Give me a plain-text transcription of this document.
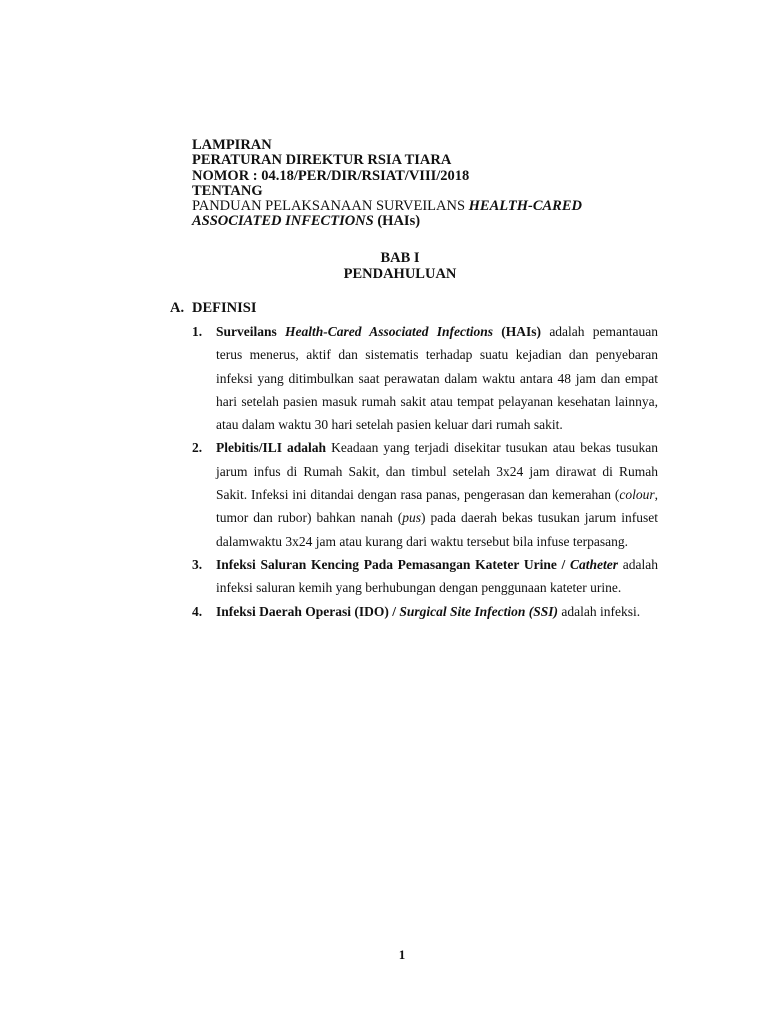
LAMPIRAN
PERATURAN DIREKTUR RSIA TIARA
NOMOR : 04.18/PER/DIR/RSIAT/VIII/2018
TENTANG
PANDUAN PELAKSANAAN SURVEILANS HEALTH-CARED
ASSOCIATED INFECTIONS (HAIs)
BAB I
PENDAHULUAN
A. DEFINISI
1. Surveilans Health-Cared Associated Infections (HAIs) adalah pemantauan terus menerus, aktif dan sistematis terhadap suatu kejadian dan penyebaran infeksi yang ditimbulkan saat perawatan dalam waktu antara 48 jam dan empat hari setelah pasien masuk rumah sakit atau tempat pelayanan kesehatan lainnya, atau dalam waktu 30 hari setelah pasien keluar dari rumah sakit.
2. Plebitis/ILI adalah Keadaan yang terjadi disekitar tusukan atau bekas tusukan jarum infus di Rumah Sakit, dan timbul setelah 3x24 jam dirawat di Rumah Sakit. Infeksi ini ditandai dengan rasa panas, pengerasan dan kemerahan (colour, tumor dan rubor) bahkan nanah (pus) pada daerah bekas tusukan jarum infuset dalamwaktu 3x24 jam atau kurang dari waktu tersebut bila infuse terpasang.
3. Infeksi Saluran Kencing Pada Pemasangan Kateter Urine / Catheter adalah infeksi saluran kemih yang berhubungan dengan penggunaan kateter urine.
4. Infeksi Daerah Operasi (IDO) / Surgical Site Infection (SSI) adalah infeksi.
1
